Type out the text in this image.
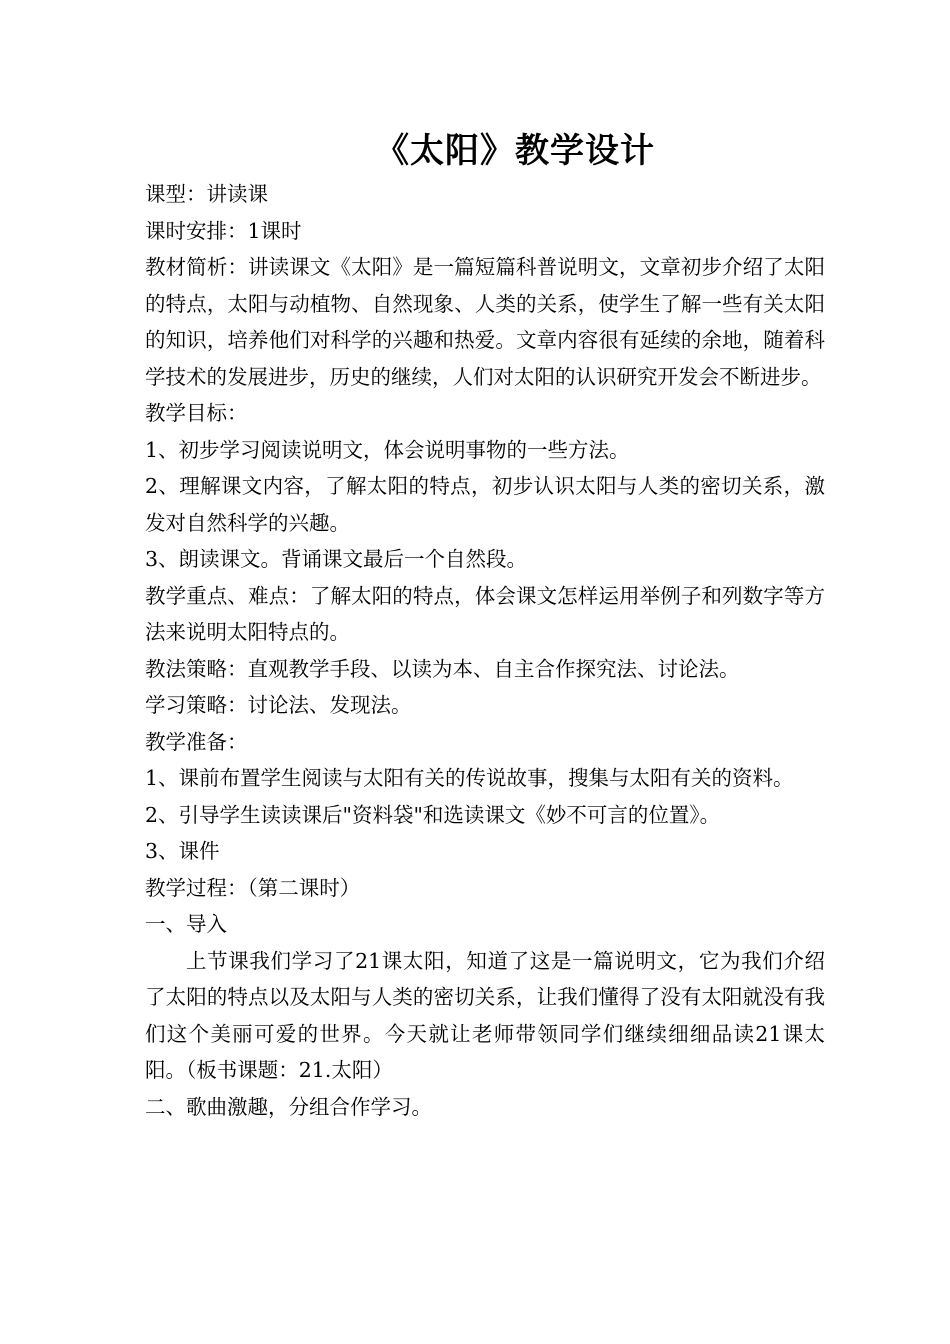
《太阳》教学设计

课型：讲读课

课时安排：1课时

教材简析：讲读课文《太阳》是一篇短篇科普说明文，文章初步介绍了太阳的特点，太阳与动植物、自然现象、人类的关系，使学生了解一些有关太阳的知识，培养他们对科学的兴趣和热爱。文章内容很有延续的余地，随着科学技术的发展进步，历史的继续，人们对太阳的认识研究开发会不断进步。

教学目标：

1、初步学习阅读说明文，体会说明事物的一些方法。

2、理解课文内容，了解太阳的特点，初步认识太阳与人类的密切关系，激发对自然科学的兴趣。

3、朗读课文。背诵课文最后一个自然段。

教学重点、难点：了解太阳的特点，体会课文怎样运用举例子和列数字等方法来说明太阳特点的。

教法策略：直观教学手段、以读为本、自主合作探究法、讨论法。

学习策略：讨论法、发现法。

教学准备：

1、课前布置学生阅读与太阳有关的传说故事，搜集与太阳有关的资料。

2、引导学生读读课后"资料袋"和选读课文《妙不可言的位置》。

3、课件

教学过程：（第二课时）

一、导入

上节课我们学习了21课太阳，知道了这是一篇说明文，它为我们介绍了太阳的特点以及太阳与人类的密切关系，让我们懂得了没有太阳就没有我们这个美丽可爱的世界。今天就让老师带领同学们继续细细品读21课太阳。（板书课题：21.太阳）

二、歌曲激趣，分组合作学习。
